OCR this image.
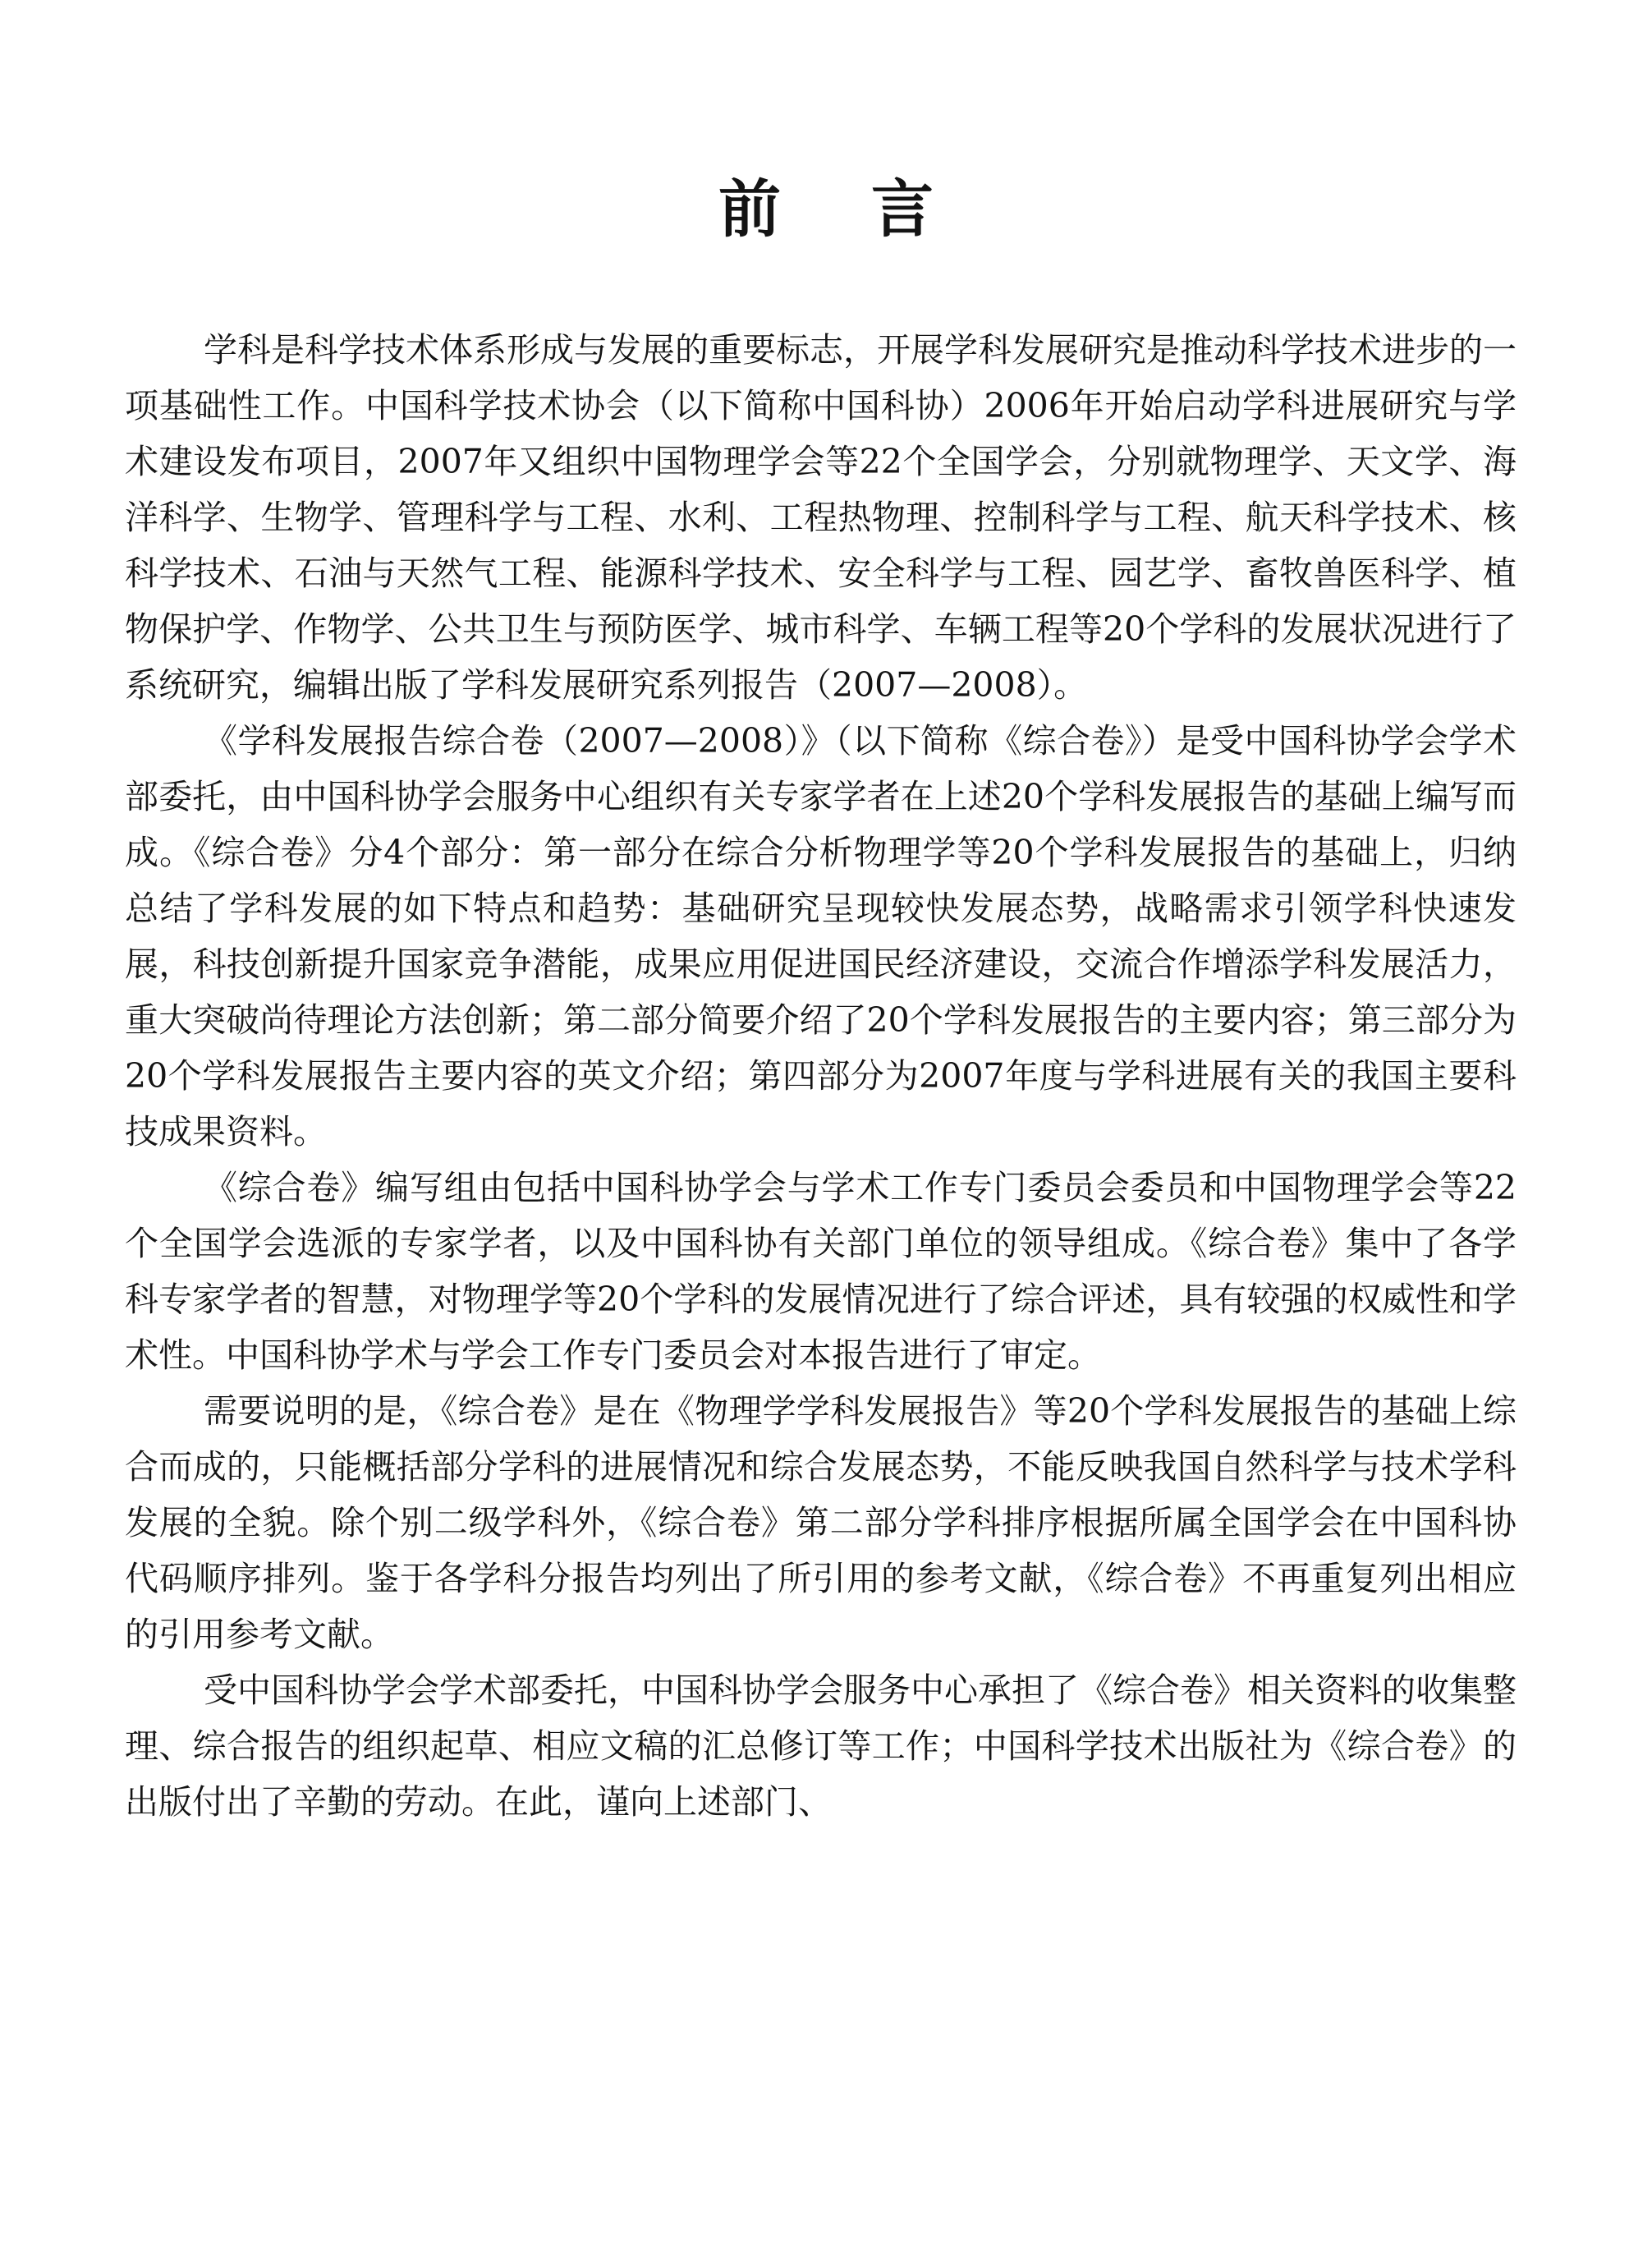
前言

学科是科学技术体系形成与发展的重要标志，开展学科发展研究是推动科学技术进步的一项基础性工作。中国科学技术协会（以下简称中国科协）2006年开始启动学科进展研究与学术建设发布项目，2007年又组织中国物理学会等22个全国学会，分别就物理学、天文学、海洋科学、生物学、管理科学与工程、水利、工程热物理、控制科学与工程、航天科学技术、核科学技术、石油与天然气工程、能源科学技术、安全科学与工程、园艺学、畜牧兽医科学、植物保护学、作物学、公共卫生与预防医学、城市科学、车辆工程等20个学科的发展状况进行了系统研究，编辑出版了学科发展研究系列报告（2007—2008）。

《学科发展报告综合卷（2007—2008）》（以下简称《综合卷》）是受中国科协学会学术部委托，由中国科协学会服务中心组织有关专家学者在上述20个学科发展报告的基础上编写而成。《综合卷》分4个部分：第一部分在综合分析物理学等20个学科发展报告的基础上，归纳总结了学科发展的如下特点和趋势：基础研究呈现较快发展态势，战略需求引领学科快速发展，科技创新提升国家竞争潜能，成果应用促进国民经济建设，交流合作增添学科发展活力，重大突破尚待理论方法创新；第二部分简要介绍了20个学科发展报告的主要内容；第三部分为20个学科发展报告主要内容的英文介绍；第四部分为2007年度与学科进展有关的我国主要科技成果资料。

《综合卷》编写组由包括中国科协学会与学术工作专门委员会委员和中国物理学会等22个全国学会选派的专家学者，以及中国科协有关部门单位的领导组成。《综合卷》集中了各学科专家学者的智慧，对物理学等20个学科的发展情况进行了综合评述，具有较强的权威性和学术性。中国科协学术与学会工作专门委员会对本报告进行了审定。

需要说明的是，《综合卷》是在《物理学学科发展报告》等20个学科发展报告的基础上综合而成的，只能概括部分学科的进展情况和综合发展态势，不能反映我国自然科学与技术学科发展的全貌。除个别二级学科外，《综合卷》第二部分学科排序根据所属全国学会在中国科协代码顺序排列。鉴于各学科分报告均列出了所引用的参考文献，《综合卷》不再重复列出相应的引用参考文献。

受中国科协学会学术部委托，中国科协学会服务中心承担了《综合卷》相关资料的收集整理、综合报告的组织起草、相应文稿的汇总修订等工作；中国科学技术出版社为《综合卷》的出版付出了辛勤的劳动。在此，谨向上述部门、
